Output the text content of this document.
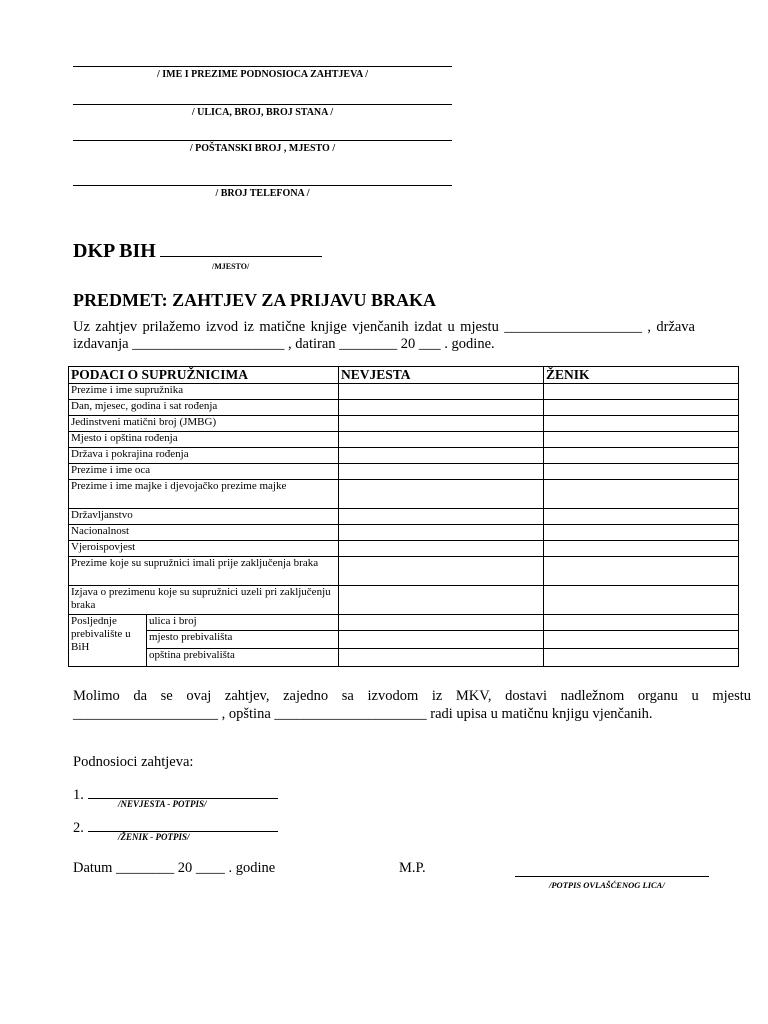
/ IME I PREZIME PODNOSIOCA ZAHTJEVA /
/ ULICA, BROJ, BROJ STANA /
/ POŠTANSKI BROJ , MJESTO /
/ BROJ TELEFONA /
DKP BIH
/MJESTO/
PREDMET: ZAHTJEV ZA PRIJAVU BRAKA
Uz zahtjev prilažemo izvod iz matične knjige vjenčanih izdat u mjestu ___________________ , država izdavanja _____________________ , datiran ________ 20 ___ . godine.
PODACI O SUPRUŽNICIMA		NEVJESTA	ŽENIK
Prezime i ime supružnika			
Dan, mjesec, godina i sat rođenja			
Jedinstveni matični broj (JMBG)			
Mjesto i opština rođenja			
Država i pokrajina rođenja			
Prezime i ime oca			
Prezime i ime majke i djevojačko prezime majke			
Državljanstvo			
Nacionalnost			
Vjeroispovjest			
Prezime koje su supružnici imali prije zaključenja braka			
Izjava o prezimenu koje su supružnici uzeli pri zaključenju braka			
Posljednje prebivalište u BiH	ulica i broj		
	mjesto prebivališta		
	opština prebivališta		
Molimo da se ovaj zahtjev, zajedno sa izvodom iz MKV, dostavi nadležnom organu u mjestu ____________________ , opština _____________________ radi upisa u matičnu knjigu vjenčanih.
Podnosioci zahtjeva:
1.
/NEVJESTA - POTPIS/
2.
/ŽENIK - POTPIS/
Datum ________ 20 ____ . godine	M.P.
/POTPIS OVLAŠĆENOG LICA/
